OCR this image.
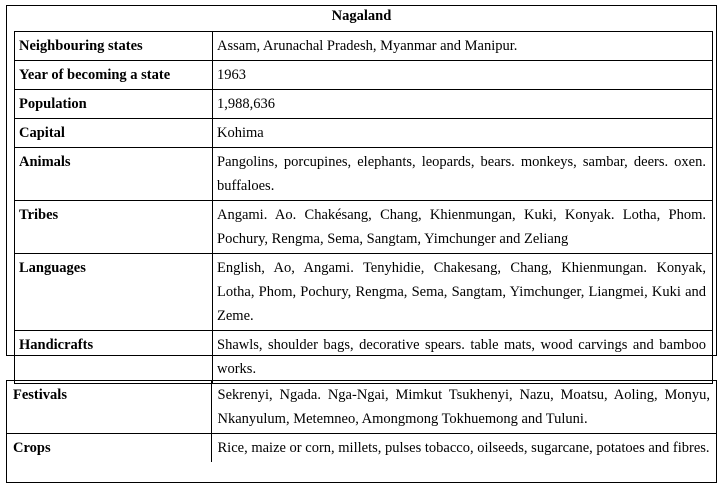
Nagaland
Neighbouring states	Assam, Arunachal Pradesh, Myanmar and Manipur.
Year of becoming a state	1963
Population	1,988,636
Capital	Kohima
Animals	Pangolins, porcupines, elephants, leopards, bears. monkeys, sambar, deers. oxen. buffaloes.
Tribes	Angami. Ao. Chakésang, Chang, Khienmungan, Kuki, Konyak. Lotha, Phom. Pochury, Rengma, Sema, Sangtam, Yimchunger and Zeliang
Languages	English, Ao, Angami. Tenyhidie, Chakesang, Chang, Khienmungan. Konyak, Lotha, Phom, Pochury, Rengma, Sema, Sangtam, Yimchunger, Liangmei, Kuki and Zeme.
Handicrafts	Shawls, shoulder bags, decorative spears. table mats, wood carvings and bamboo works.
Festivals	Sekrenyi, Ngada. Nga-Ngai, Mimkut Tsukhenyi, Nazu, Moatsu, Aoling, Monyu, Nkanyulum, Metemneo, Amongmong Tokhuemong and Tuluni.
Crops	Rice, maize or corn, millets, pulses tobacco, oilseeds, sugarcane, potatoes and fibres.
